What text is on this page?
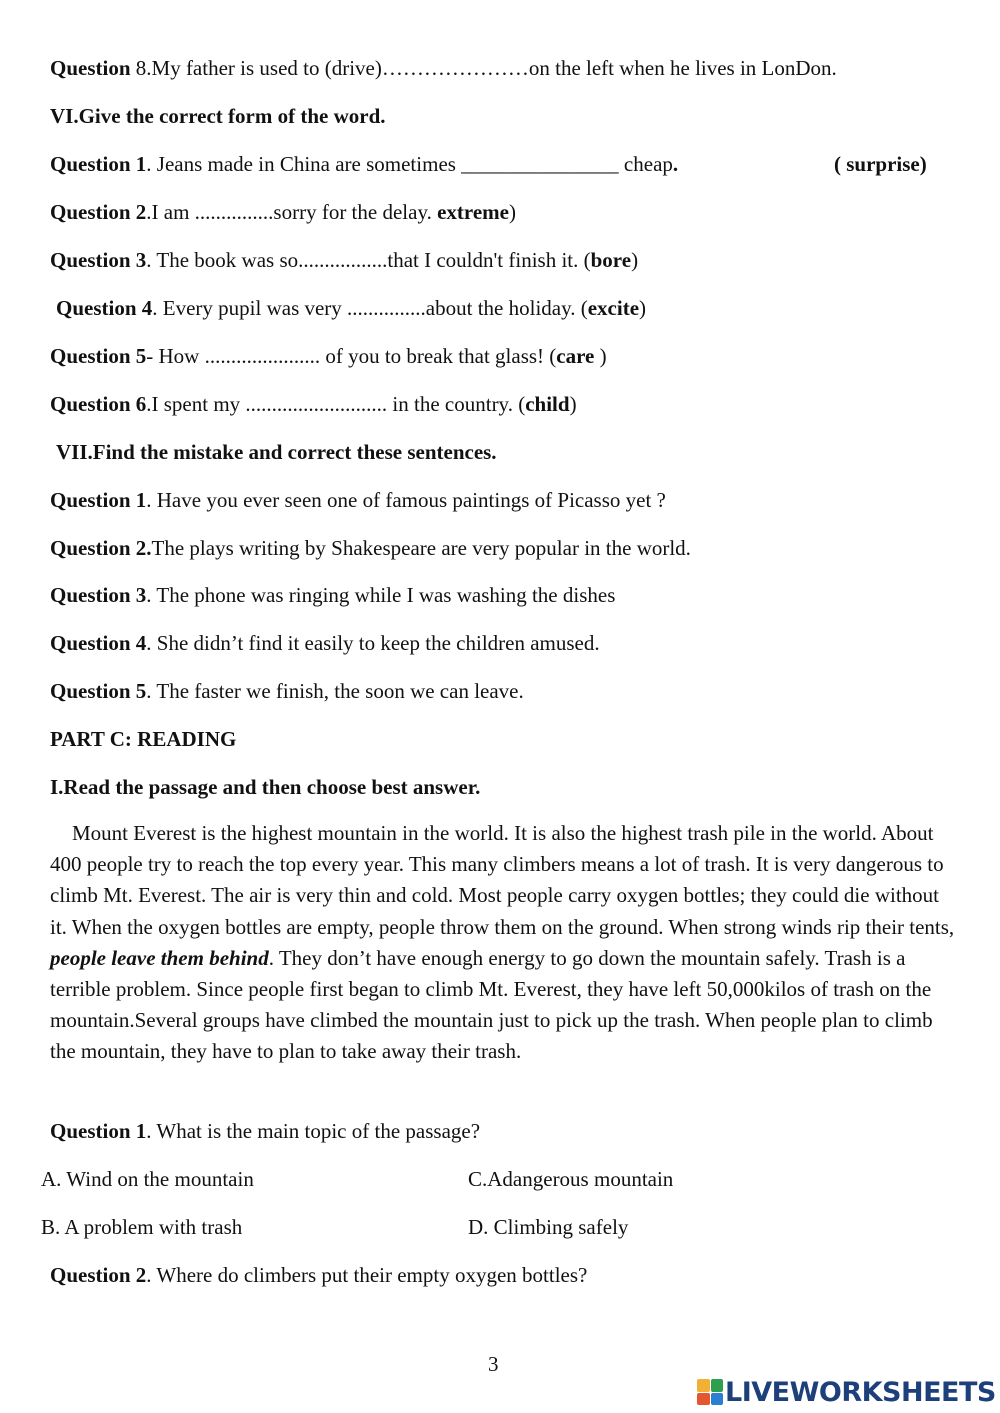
Question 8.My father is used to (drive)…………………on the left when he lives in LonDon.
VI.Give the correct form of the word.
Question 1. Jeans made in China are sometimes _______________ cheap.	( surprise)
Question 2.I am ...............sorry for the delay. extreme)
Question 3. The book was so.................that I couldn't finish it. (bore)
Question 4. Every pupil was very ...............about the holiday. (excite)
Question 5- How ...................... of you to break that glass! (care )
Question 6.I spent my ........................... in the country. (child)
VII.Find the mistake and correct these sentences.
Question 1. Have you ever seen one of famous paintings of Picasso yet ?
Question 2.The plays writing by Shakespeare are very popular in the world.
Question 3. The phone was ringing while I was washing the dishes
Question 4. She didn’t find it easily to keep the children amused.
Question 5. The faster we finish, the soon we can leave.
PART C: READING
I.Read the passage and then choose best answer.
Mount Everest is the highest mountain in the world. It is also the highest trash pile in the world. About 400 people try to reach the top every year. This many climbers means a lot of trash. It is very dangerous to climb Mt. Everest. The air is very thin and cold. Most people carry oxygen bottles; they could die without it. When the oxygen bottles are empty, people throw them on the ground. When strong winds rip their tents, people leave them behind. They don’t have enough energy to go down the mountain safely. Trash is a terrible problem. Since people first began to climb Mt. Everest, they have left 50,000kilos of trash on the mountain.Several groups have climbed the mountain just to pick up the trash. When people plan to climb the mountain, they have to plan to take away their trash.
Question 1. What is the main topic of the passage?
A. Wind on the mountain	C.Adangerous mountain
B. A problem with trash	D. Climbing safely
Question 2. Where do climbers put their empty oxygen bottles?
3
LIVEWORKSHEETS
